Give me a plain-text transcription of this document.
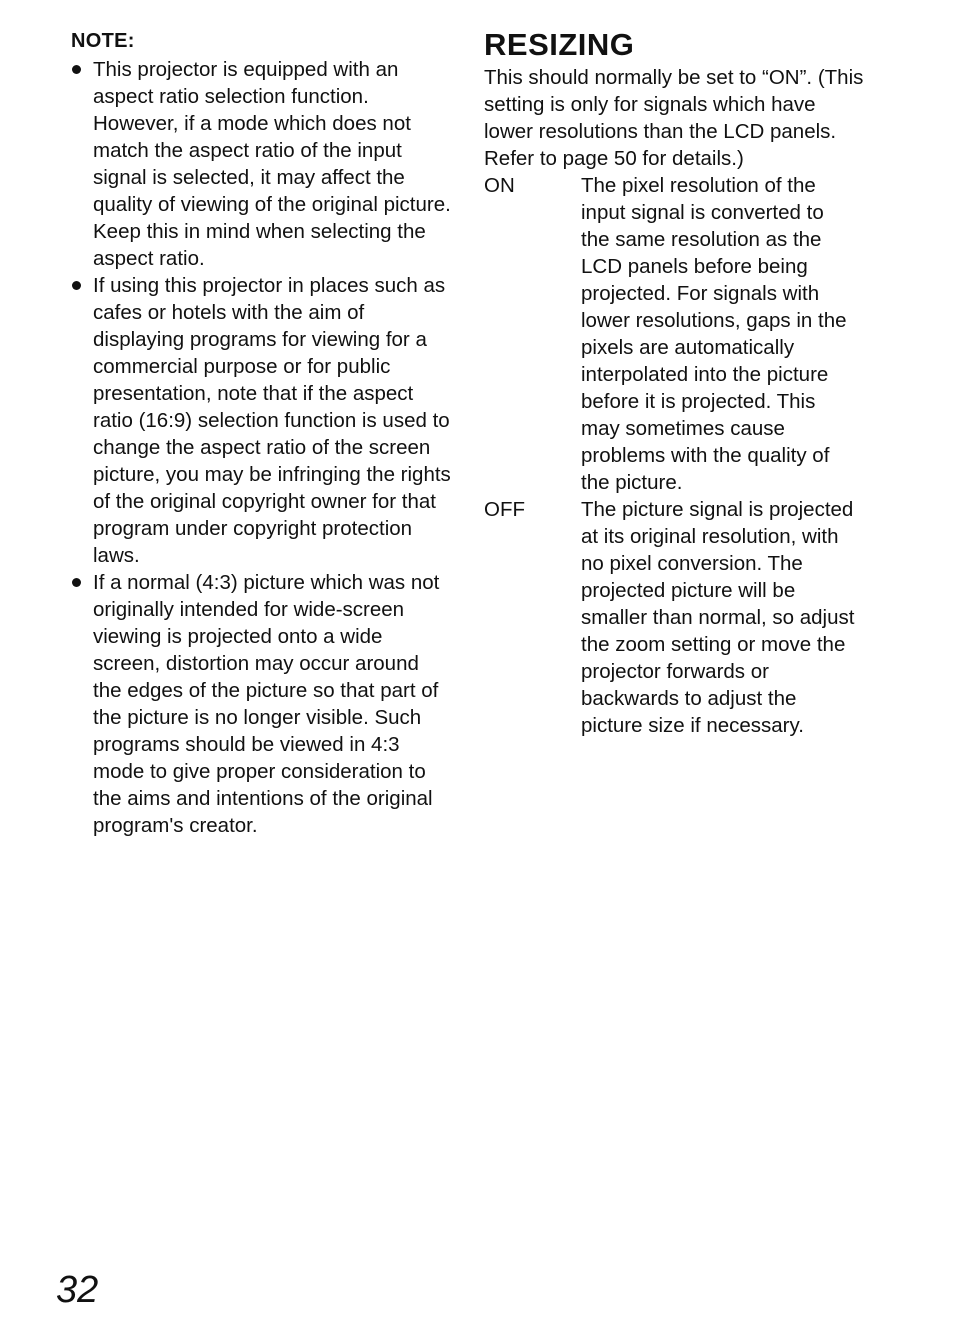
NOTE:
This projector is equipped with an aspect ratio selection function. However, if a mode which does not match the aspect ratio of the input signal is selected, it may affect the quality of viewing of the original picture. Keep this in mind when selecting the aspect ratio.
If using this projector in places such as cafes or hotels with the aim of displaying programs for viewing for a commercial purpose or for public presentation, note that if the aspect ratio (16:9) selection function is used to change the aspect ratio of the screen picture, you may be infringing the rights of the original copyright owner for that program under copyright protection laws.
If a normal (4:3) picture which was not originally intended for wide-screen viewing is projected onto a wide screen, distortion may occur around the edges of the picture so that part of the picture is no longer visible. Such programs should be viewed in 4:3 mode to give proper consideration to the aims and intentions of the original program's creator.
RESIZING

This should normally be set to “ON”. (This setting is only for signals which have lower resolutions than the LCD panels. Refer to page 50 for details.)

ON	The pixel resolution of the input signal is converted to the same resolution as the LCD panels before being projected. For signals with lower resolutions, gaps in the pixels are automatically interpolated into the picture before it is projected. This may sometimes cause problems with the quality of the picture.
OFF	The picture signal is projected at its original resolution, with no pixel conversion. The projected picture will be smaller than normal, so adjust the zoom setting or move the projector forwards or backwards to adjust the picture size if necessary.
32
